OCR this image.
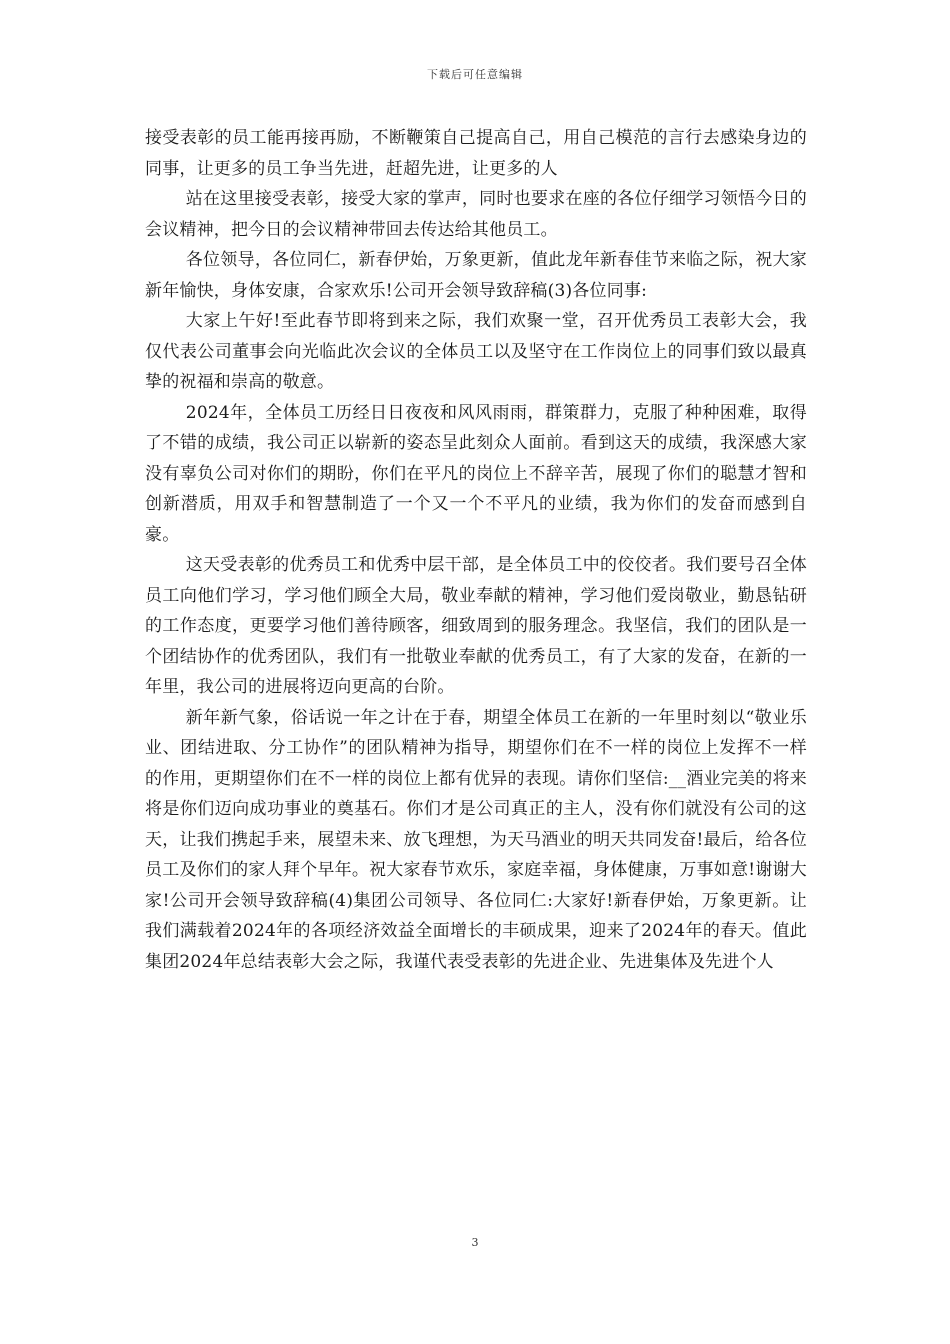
下载后可任意编辑

接受表彰的员工能再接再励，不断鞭策自己提高自己，用自己模范的言行去感染身边的同事，让更多的员工争当先进，赶超先进，让更多的人

站在这里接受表彰，接受大家的掌声，同时也要求在座的各位仔细学习领悟今日的会议精神，把今日的会议精神带回去传达给其他员工。

各位领导，各位同仁，新春伊始，万象更新，值此龙年新春佳节来临之际，祝大家新年愉快，身体安康，合家欢乐!公司开会领导致辞稿(3)各位同事:

大家上午好!至此春节即将到来之际，我们欢聚一堂，召开优秀员工表彰大会，我仅代表公司董事会向光临此次会议的全体员工以及坚守在工作岗位上的同事们致以最真挚的祝福和崇高的敬意。

2024年，全体员工历经日日夜夜和风风雨雨，群策群力，克服了种种困难，取得了不错的成绩，我公司正以崭新的姿态呈此刻众人面前。看到这天的成绩，我深感大家没有辜负公司对你们的期盼，你们在平凡的岗位上不辞辛苦，展现了你们的聪慧才智和创新潜质，用双手和智慧制造了一个又一个不平凡的业绩，我为你们的发奋而感到自豪。

这天受表彰的优秀员工和优秀中层干部，是全体员工中的佼佼者。我们要号召全体员工向他们学习，学习他们顾全大局，敬业奉献的精神，学习他们爱岗敬业，勤恳钻研的工作态度，更要学习他们善待顾客，细致周到的服务理念。我坚信，我们的团队是一个团结协作的优秀团队，我们有一批敬业奉献的优秀员工，有了大家的发奋，在新的一年里，我公司的进展将迈向更高的台阶。

新年新气象，俗话说一年之计在于春，期望全体员工在新的一年里时刻以“敬业乐业、团结进取、分工协作”的团队精神为指导，期望你们在不一样的岗位上发挥不一样的作用，更期望你们在不一样的岗位上都有优异的表现。请你们坚信:__酒业完美的将来将是你们迈向成功事业的奠基石。你们才是公司真正的主人，没有你们就没有公司的这天，让我们携起手来，展望未来、放飞理想，为天马酒业的明天共同发奋!最后，给各位员工及你们的家人拜个早年。祝大家春节欢乐，家庭幸福，身体健康，万事如意!谢谢大家!公司开会领导致辞稿(4)集团公司领导、各位同仁:大家好!新春伊始，万象更新。让我们满载着2024年的各项经济效益全面增长的丰硕成果，迎来了2024年的春天。值此集团2024年总结表彰大会之际，我谨代表受表彰的先进企业、先进集体及先进个人

3
